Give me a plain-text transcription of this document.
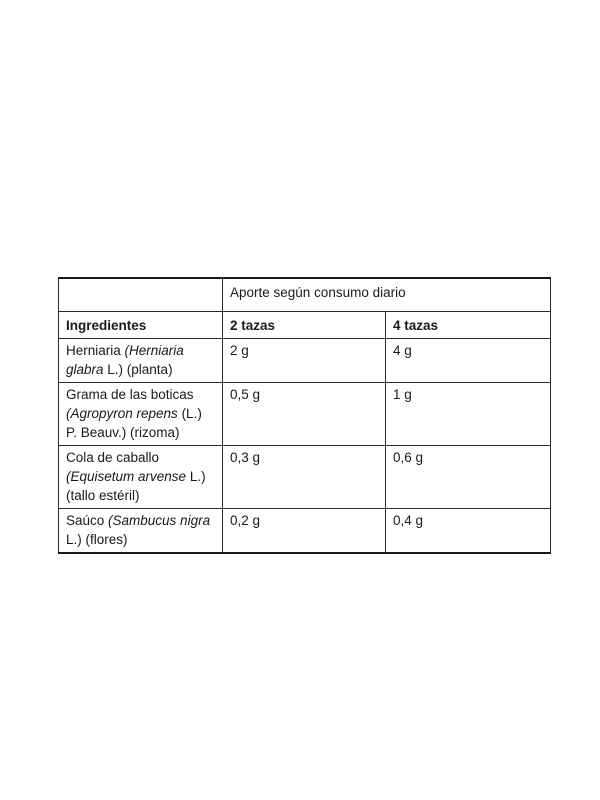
	Aporte según consumo diario	
Ingredientes	2 tazas	4 tazas
Herniaria (Herniaria glabra L.) (planta)	2 g	4 g
Grama de las boticas (Agropyron repens (L.) P. Beauv.) (rizoma)	0,5 g	1 g
Cola de caballo (Equisetum arvense L.) (tallo estéril)	0,3 g	0,6 g
Saúco (Sambucus nigra L.) (flores)	0,2 g	0,4 g
